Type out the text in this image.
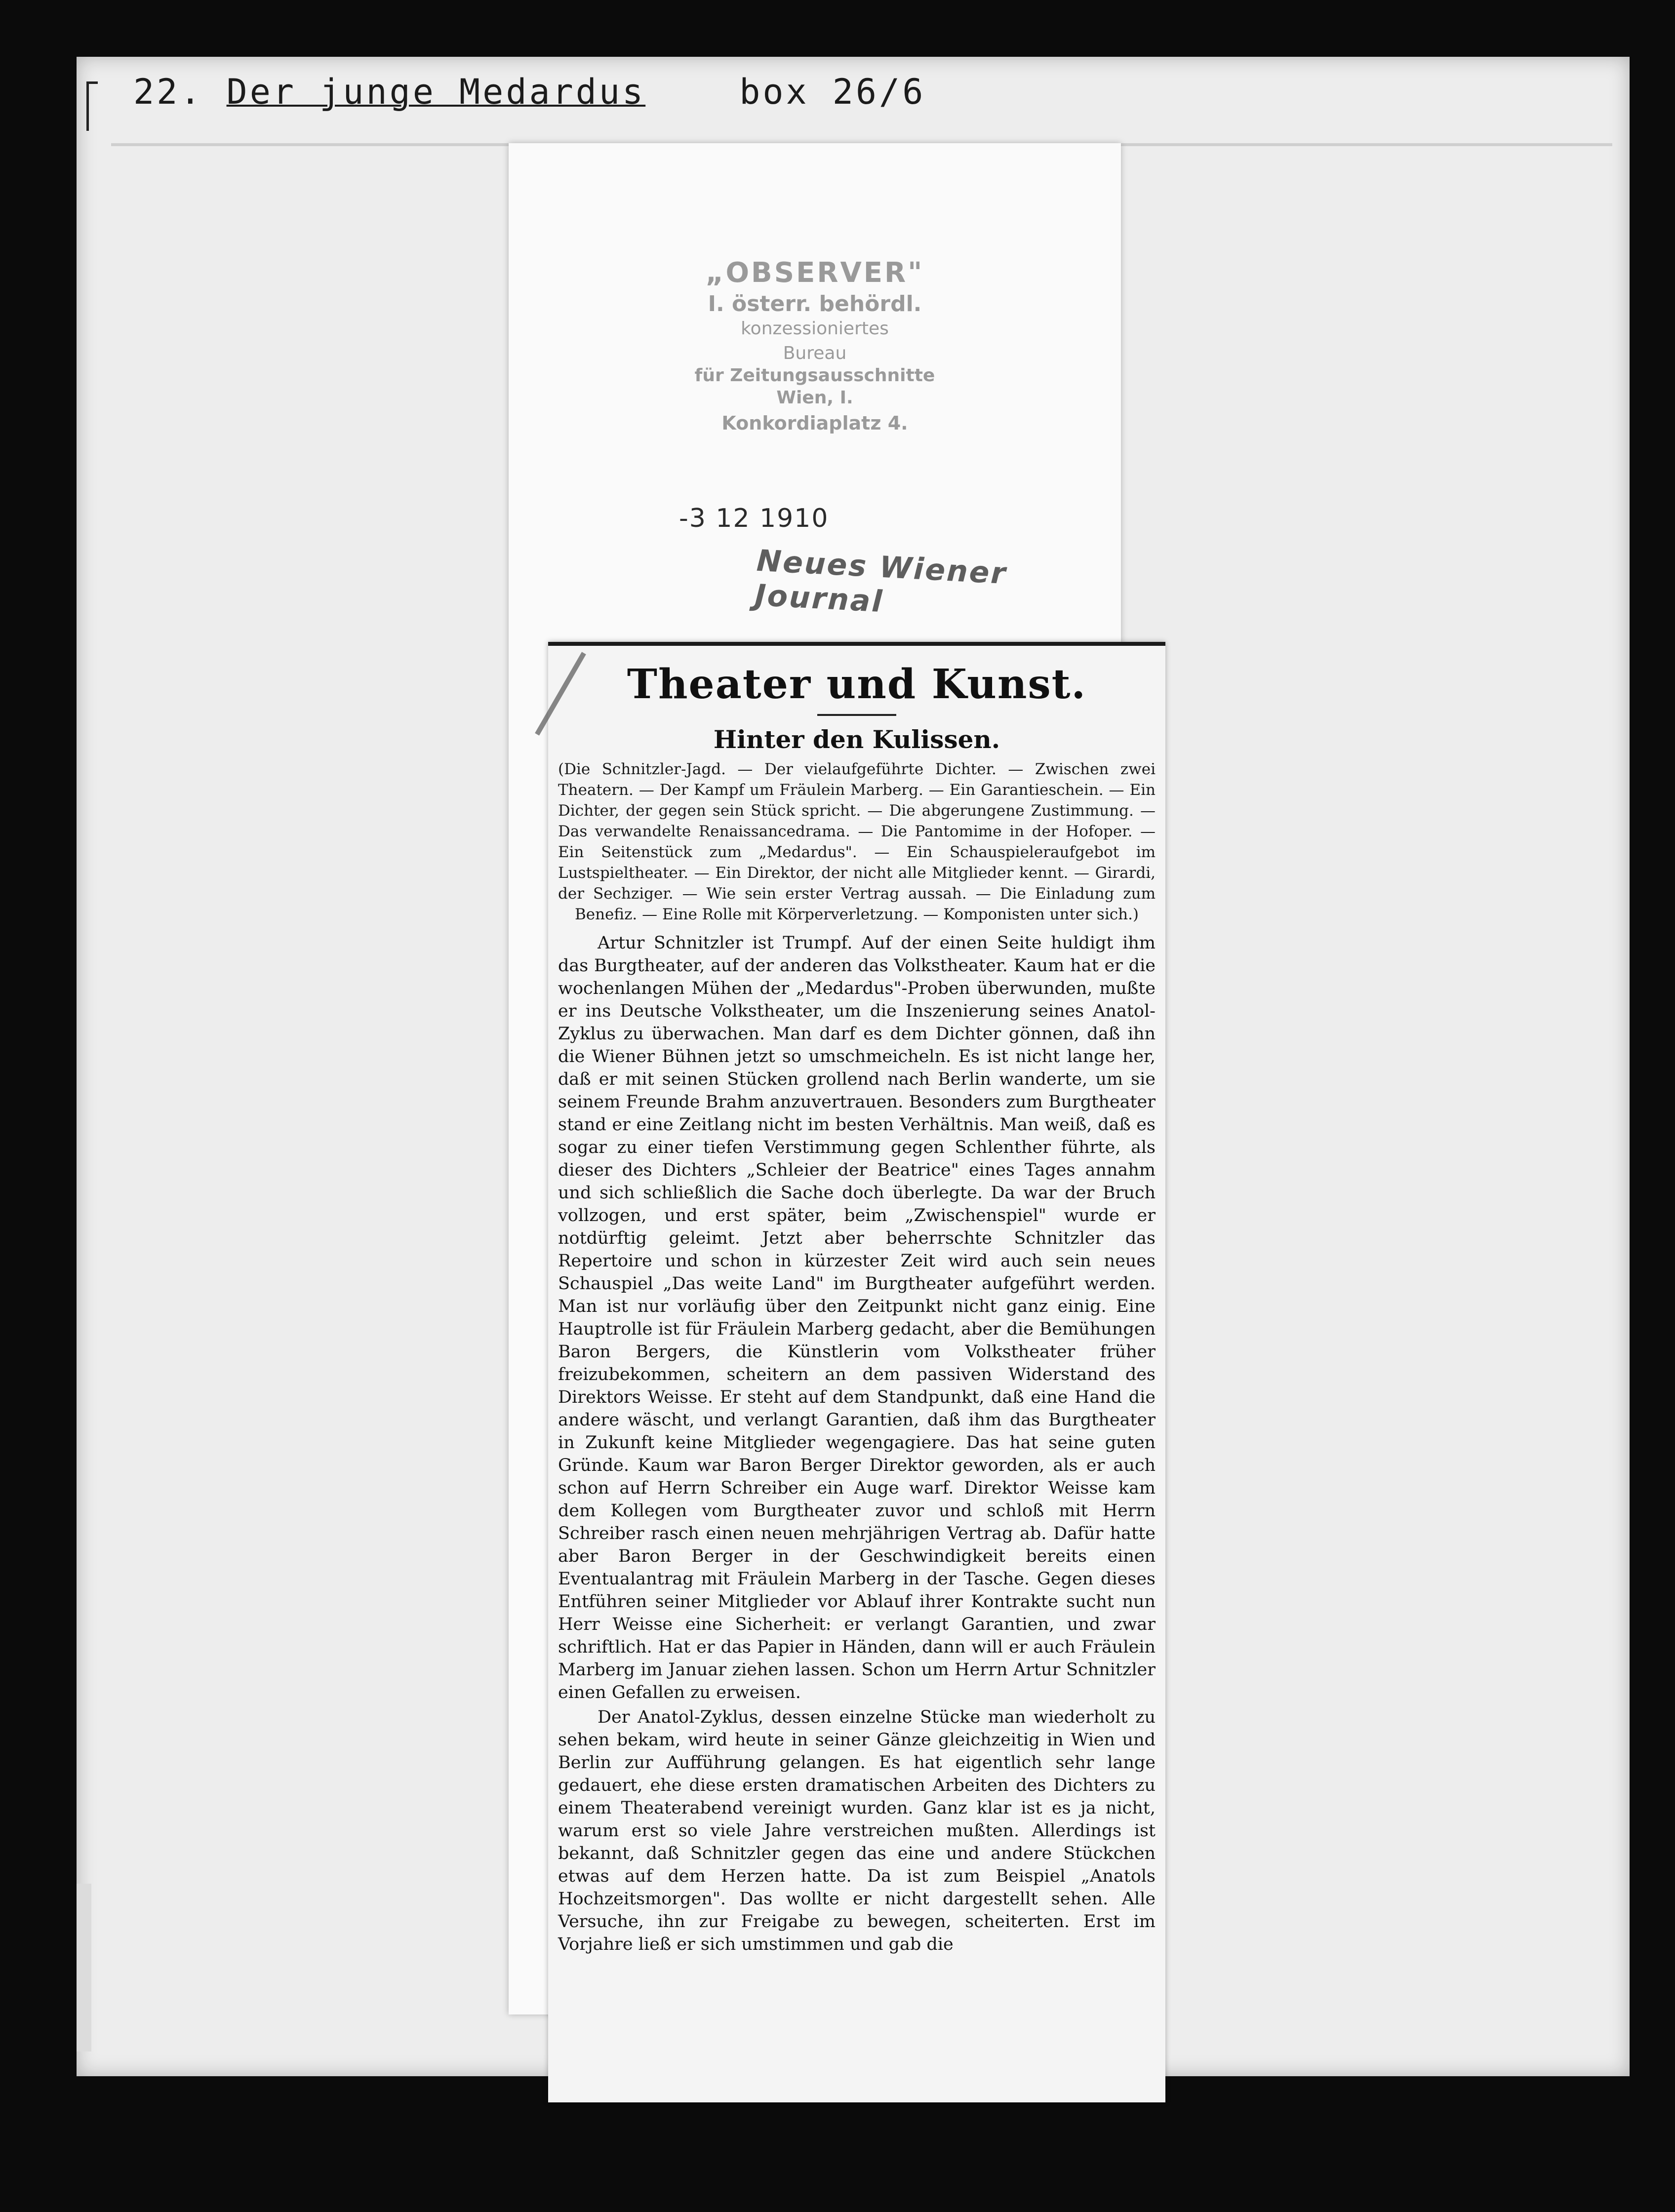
22. Der junge Medardus	box 26/6
„OBSERVER"
I. österr. behördl.
konzessioniertes
Bureau
für Zeitungsausschnitte
Wien, I.
Konkordiaplatz 4.
-3 12 1910
Neues Wiener Journal
Theater und Kunst.
Hinter den Kulissen.
(Die Schnitzler-Jagd. — Der vielaufgeführte Dichter. — Zwischen zwei Theatern. — Der Kampf um Fräulein Marberg. — Ein Garantieschein. — Ein Dichter, der gegen sein Stück spricht. — Die abgerungene Zustimmung. — Das verwandelte Renaissancedrama. — Die Pantomime in der Hofoper. — Ein Seitenstück zum „Medardus". — Ein Schauspieleraufgebot im Lustspieltheater. — Ein Direktor, der nicht alle Mitglieder kennt. — Girardi, der Sechziger. — Wie sein erster Vertrag aussah. — Die Einladung zum Benefiz. — Eine Rolle mit Körperverletzung. — Komponisten unter sich.)

Artur Schnitzler ist Trumpf. Auf der einen Seite huldigt ihm das Burgtheater, auf der anderen das Volkstheater. Kaum hat er die wochenlangen Mühen der „Medardus"-Proben überwunden, mußte er ins Deutsche Volkstheater, um die Inszenierung seines Anatol-Zyklus zu überwachen. Man darf es dem Dichter gönnen, daß ihn die Wiener Bühnen jetzt so umschmeicheln. Es ist nicht lange her, daß er mit seinen Stücken grollend nach Berlin wanderte, um sie seinem Freunde Brahm anzuvertrauen. Besonders zum Burgtheater stand er eine Zeitlang nicht im besten Verhältnis. Man weiß, daß es sogar zu einer tiefen Verstimmung gegen Schlenther führte, als dieser des Dichters „Schleier der Beatrice" eines Tages annahm und sich schließlich die Sache doch überlegte. Da war der Bruch vollzogen, und erst später, beim „Zwischenspiel" wurde er notdürftig geleimt. Jetzt aber beherrschte Schnitzler das Repertoire und schon in kürzester Zeit wird auch sein neues Schauspiel „Das weite Land" im Burgtheater aufgeführt werden. Man ist nur vorläufig über den Zeitpunkt nicht ganz einig. Eine Hauptrolle ist für Fräulein Marberg gedacht, aber die Bemühungen Baron Bergers, die Künstlerin vom Volkstheater früher freizubekommen, scheitern an dem passiven Widerstand des Direktors Weisse. Er steht auf dem Standpunkt, daß eine Hand die andere wäscht, und verlangt Garantien, daß ihm das Burgtheater in Zukunft keine Mitglieder wegengagiere. Das hat seine guten Gründe. Kaum war Baron Berger Direktor geworden, als er auch schon auf Herrn Schreiber ein Auge warf. Direktor Weisse kam dem Kollegen vom Burgtheater zuvor und schloß mit Herrn Schreiber rasch einen neuen mehrjährigen Vertrag ab. Dafür hatte aber Baron Berger in der Geschwindigkeit bereits einen Eventualantrag mit Fräulein Marberg in der Tasche. Gegen dieses Entführen seiner Mitglieder vor Ablauf ihrer Kontrakte sucht nun Herr Weisse eine Sicherheit: er verlangt Garantien, und zwar schriftlich. Hat er das Papier in Händen, dann will er auch Fräulein Marberg im Januar ziehen lassen. Schon um Herrn Artur Schnitzler einen Gefallen zu erweisen.

Der Anatol-Zyklus, dessen einzelne Stücke man wiederholt zu sehen bekam, wird heute in seiner Gänze gleichzeitig in Wien und Berlin zur Aufführung gelangen. Es hat eigentlich sehr lange gedauert, ehe diese ersten dramatischen Arbeiten des Dichters zu einem Theaterabend vereinigt wurden. Ganz klar ist es ja nicht, warum erst so viele Jahre verstreichen mußten. Allerdings ist bekannt, daß Schnitzler gegen das eine und andere Stückchen etwas auf dem Herzen hatte. Da ist zum Beispiel „Anatols Hochzeitsmorgen". Das wollte er nicht dargestellt sehen. Alle Versuche, ihn zur Freigabe zu bewegen, scheiterten. Erst im Vorjahre ließ er sich umstimmen und gab die
